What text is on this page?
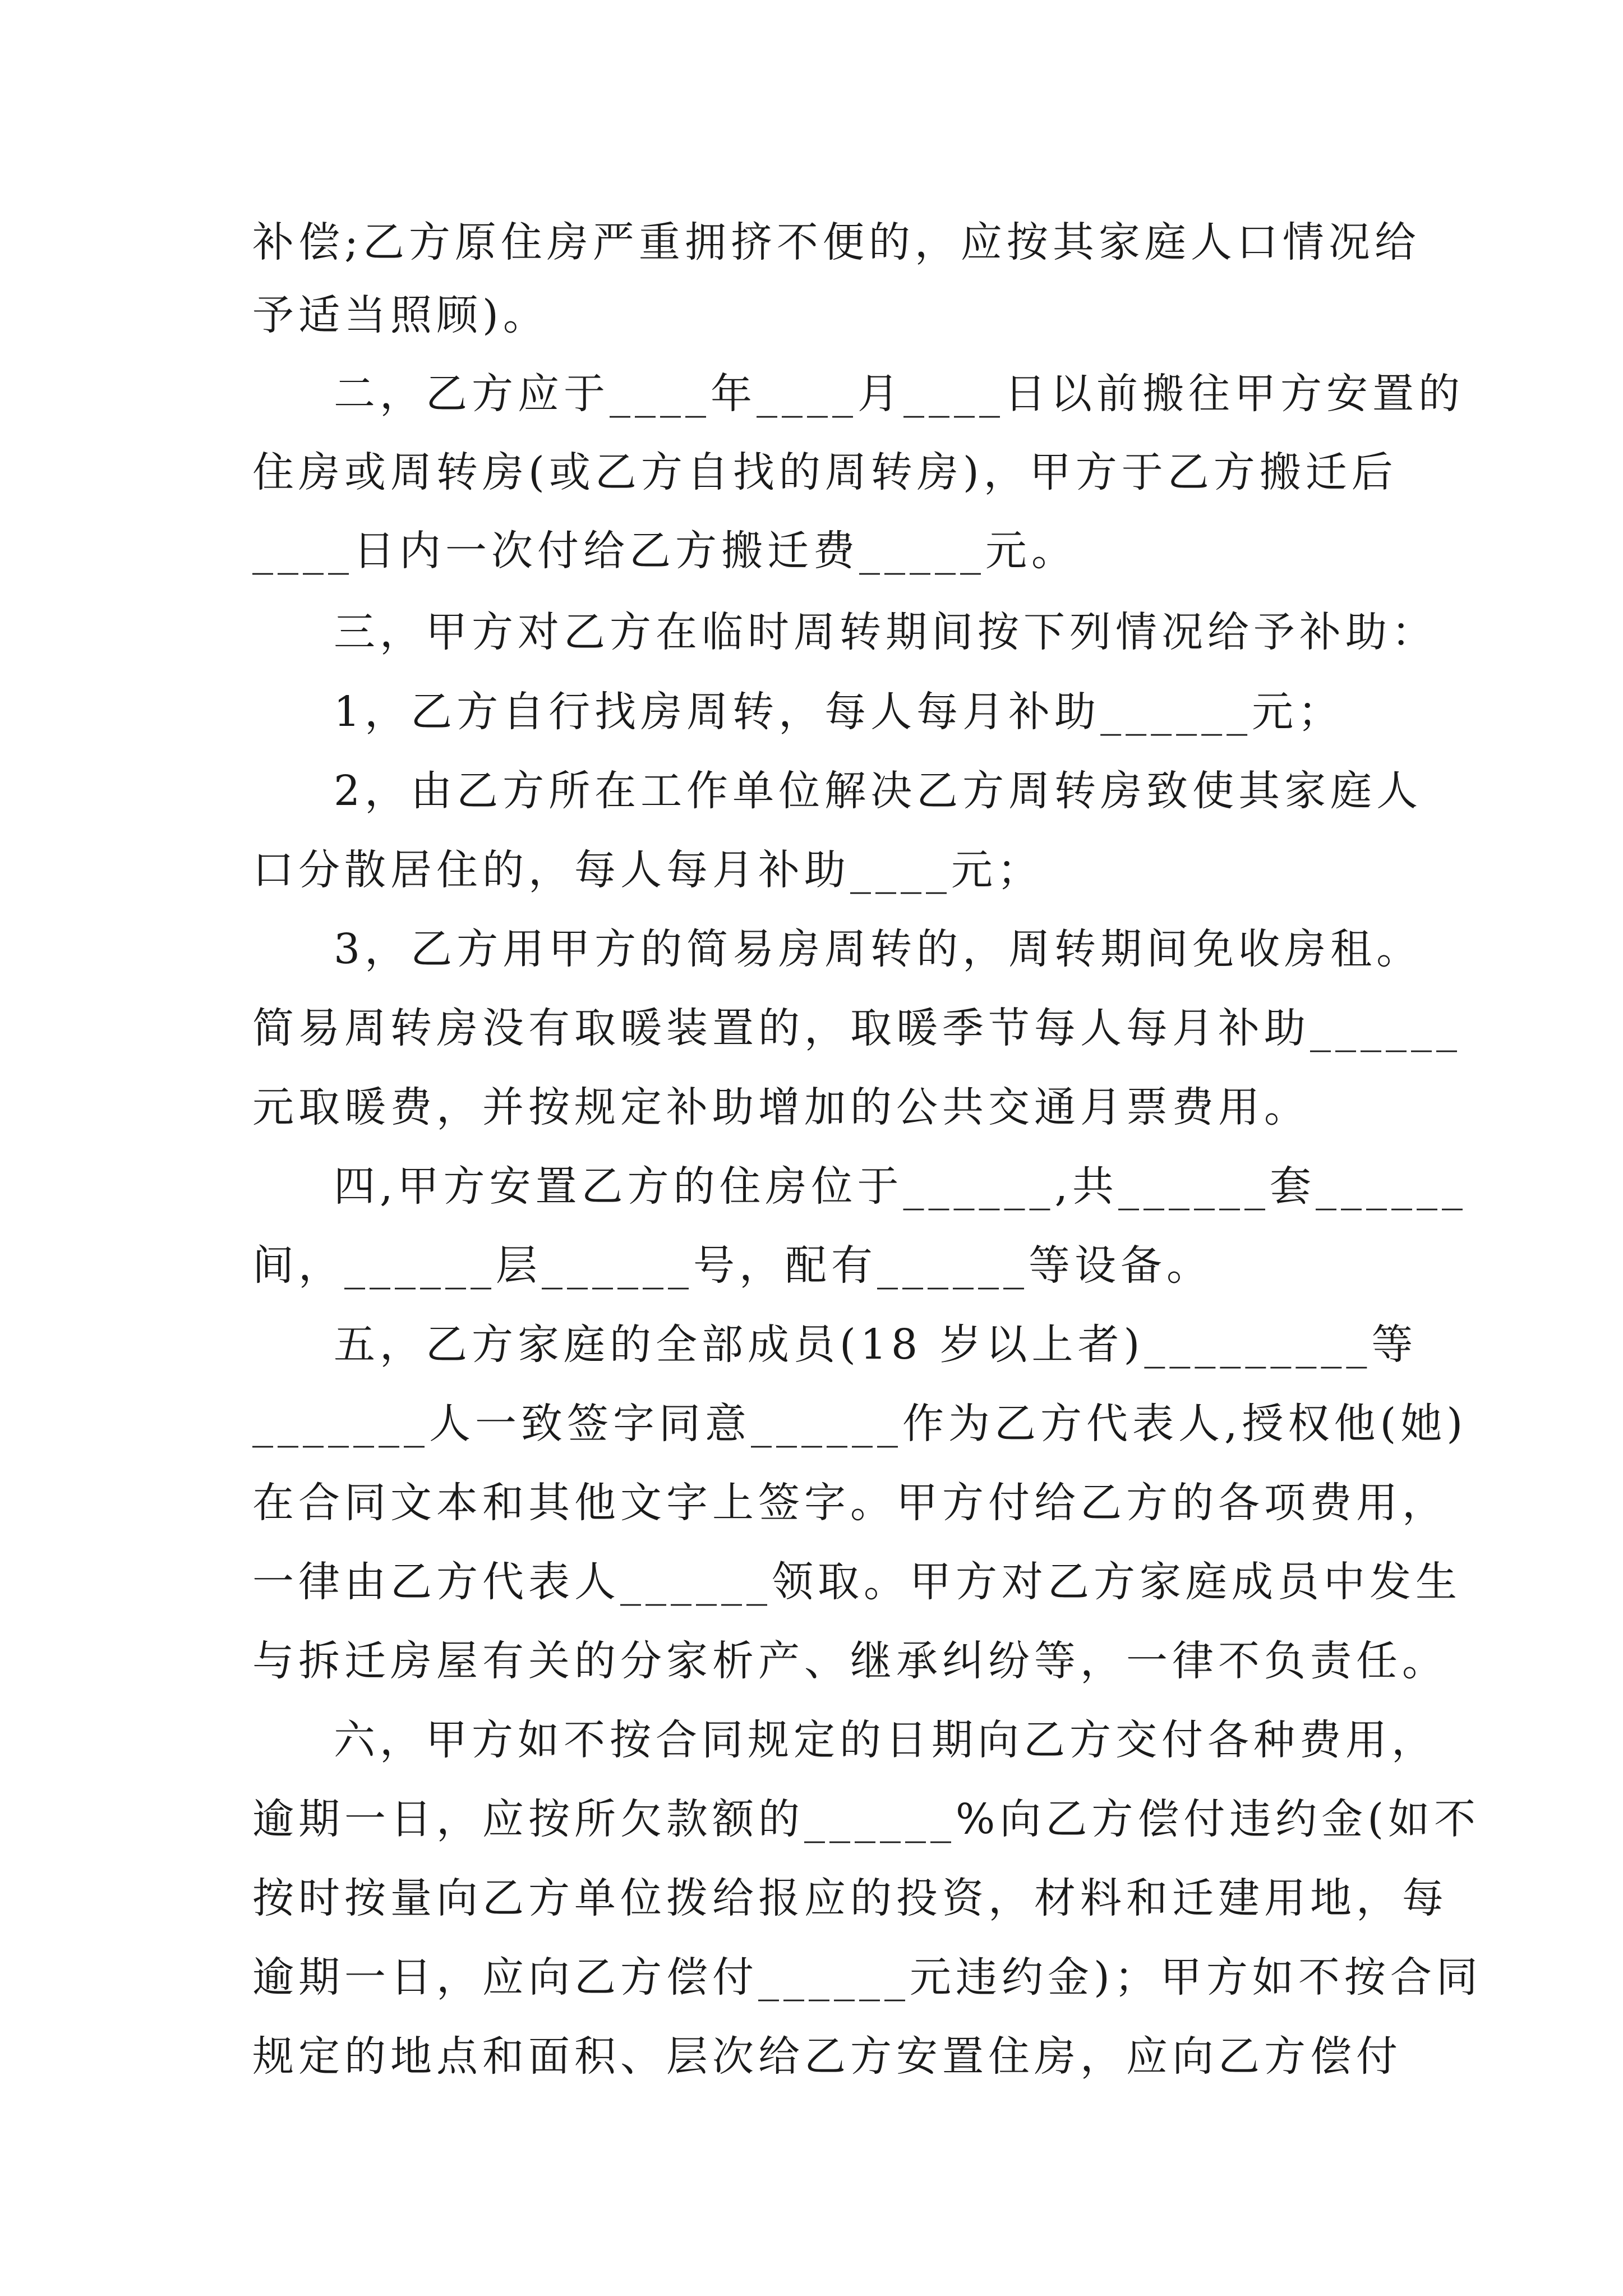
补偿;乙方原住房严重拥挤不便的，应按其家庭人口情况给
予适当照顾)。
二，乙方应于____年____月____日以前搬往甲方安置的
住房或周转房(或乙方自找的周转房)，甲方于乙方搬迁后
____日内一次付给乙方搬迁费_____元。
三，甲方对乙方在临时周转期间按下列情况给予补助：
1，乙方自行找房周转，每人每月补助______元；
2，由乙方所在工作单位解决乙方周转房致使其家庭人
口分散居住的，每人每月补助____元；
3，乙方用甲方的简易房周转的，周转期间免收房租。
简易周转房没有取暖装置的，取暖季节每人每月补助______
元取暖费，并按规定补助增加的公共交通月票费用。
四,甲方安置乙方的住房位于______,共______套______
间，______层______号，配有______等设备。
五，乙方家庭的全部成员(18 岁以上者)_________等
_______人一致签字同意______作为乙方代表人,授权他(她)
在合同文本和其他文字上签字。甲方付给乙方的各项费用，
一律由乙方代表人______领取。甲方对乙方家庭成员中发生
与拆迁房屋有关的分家析产、继承纠纷等，一律不负责任。
六，甲方如不按合同规定的日期向乙方交付各种费用，
逾期一日，应按所欠款额的______%向乙方偿付违约金(如不
按时按量向乙方单位拨给报应的投资，材料和迁建用地，每
逾期一日，应向乙方偿付______元违约金)；甲方如不按合同
规定的地点和面积、层次给乙方安置住房，应向乙方偿付
